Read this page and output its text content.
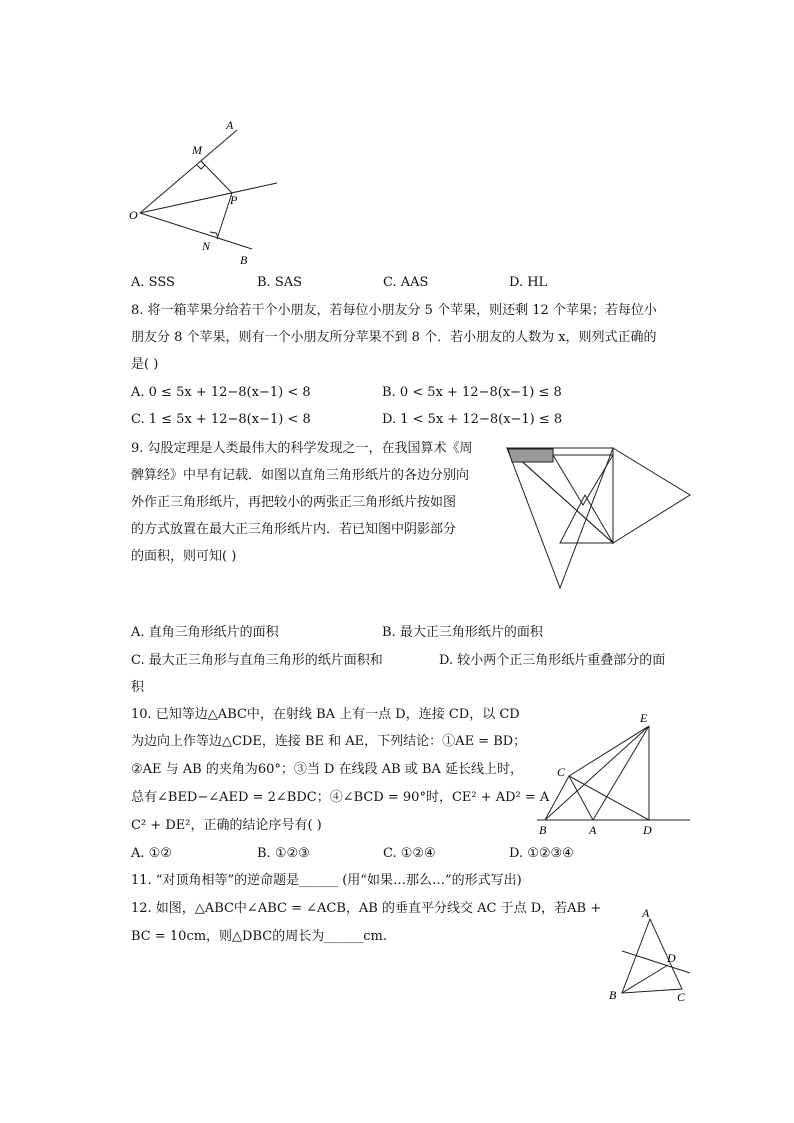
A
M
P
O
N
B
A. SSS	B. SAS	C. AAS	D. HL
8. 将一箱苹果分给若干个小朋友，若每位小朋友分 5 个苹果，则还剩 12 个苹果；若每位小
朋友分 8 个苹果，则有一个小朋友所分苹果不到 8 个．若小朋友的人数为 x，则列式正确的
是( )
A. 0 ≤ 5x + 12−8(x−1) < 8	B. 0 < 5x + 12−8(x−1) ≤ 8
C. 1 ≤ 5x + 12−8(x−1) < 8	D. 1 < 5x + 12−8(x−1) ≤ 8
9. 勾股定理是人类最伟大的科学发现之一，在我国算术《周
髀算经》中早有记载．如图以直角三角形纸片的各边分别向
外作正三角形纸片，再把较小的两张正三角形纸片按如图
的方式放置在最大正三角形纸片内．若已知图中阴影部分
的面积，则可知( )
A. 直角三角形纸片的面积	B. 最大正三角形纸片的面积
C. 最大正三角形与直角三角形的纸片面积和	D. 较小两个正三角形纸片重叠部分的面
积
10. 已知等边△ABC中，在射线 BA 上有一点 D，连接 CD，以 CD
为边向上作等边△CDE，连接 BE 和 AE，下列结论：①AE = BD；
②AE 与 AB 的夹角为60°；③当 D 在线段 AB 或 BA 延长线上时，
总有∠BED−∠AED = 2∠BDC；④∠BCD = 90°时，CE² + AD² = A
C² + DE²，正确的结论序号有( )
E
C
B	A	D
A. ①②	B. ①②③	C. ①②④	D. ①②③④
11. “对顶角相等”的逆命题是______ (用“如果…那么…”的形式写出)
12. 如图，△ABC中∠ABC = ∠ACB，AB 的垂直平分线交 AC 于点 D，若AB +
BC = 10cm，则△DBC的周长为______cm.
A
D
B	C
